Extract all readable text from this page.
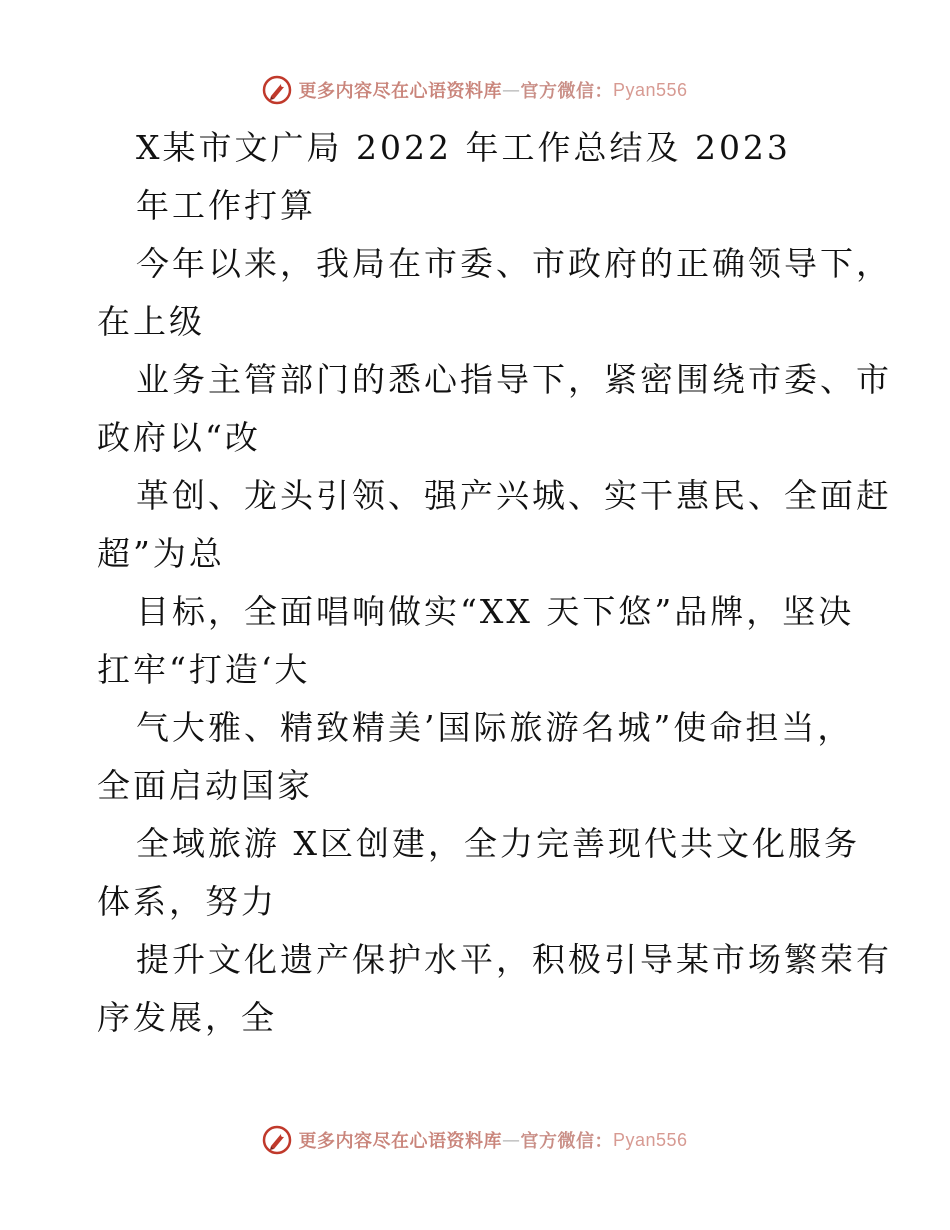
更多内容尽在心语资料库 — 官方微信： Pyan556
X某市文广局 2022 年工作总结及 2023
年工作打算
今年以来，我局在市委、市政府的正确领导下，
在上级
业务主管部门的悉心指导下，紧密围绕市委、市
政府以“改
革创、龙头引领、强产兴城、实干惠民、全面赶
超”为总
目标，全面唱响做实“XX 天下悠”品牌，坚决
扛牢“打造‘大
气大雅、精致精美’国际旅游名城”使命担当，
全面启动国家
全域旅游 X区创建，全力完善现代共文化服务
体系，努力
提升文化遗产保护水平，积极引导某市场繁荣有
序发展，全
更多内容尽在心语资料库 — 官方微信： Pyan556
